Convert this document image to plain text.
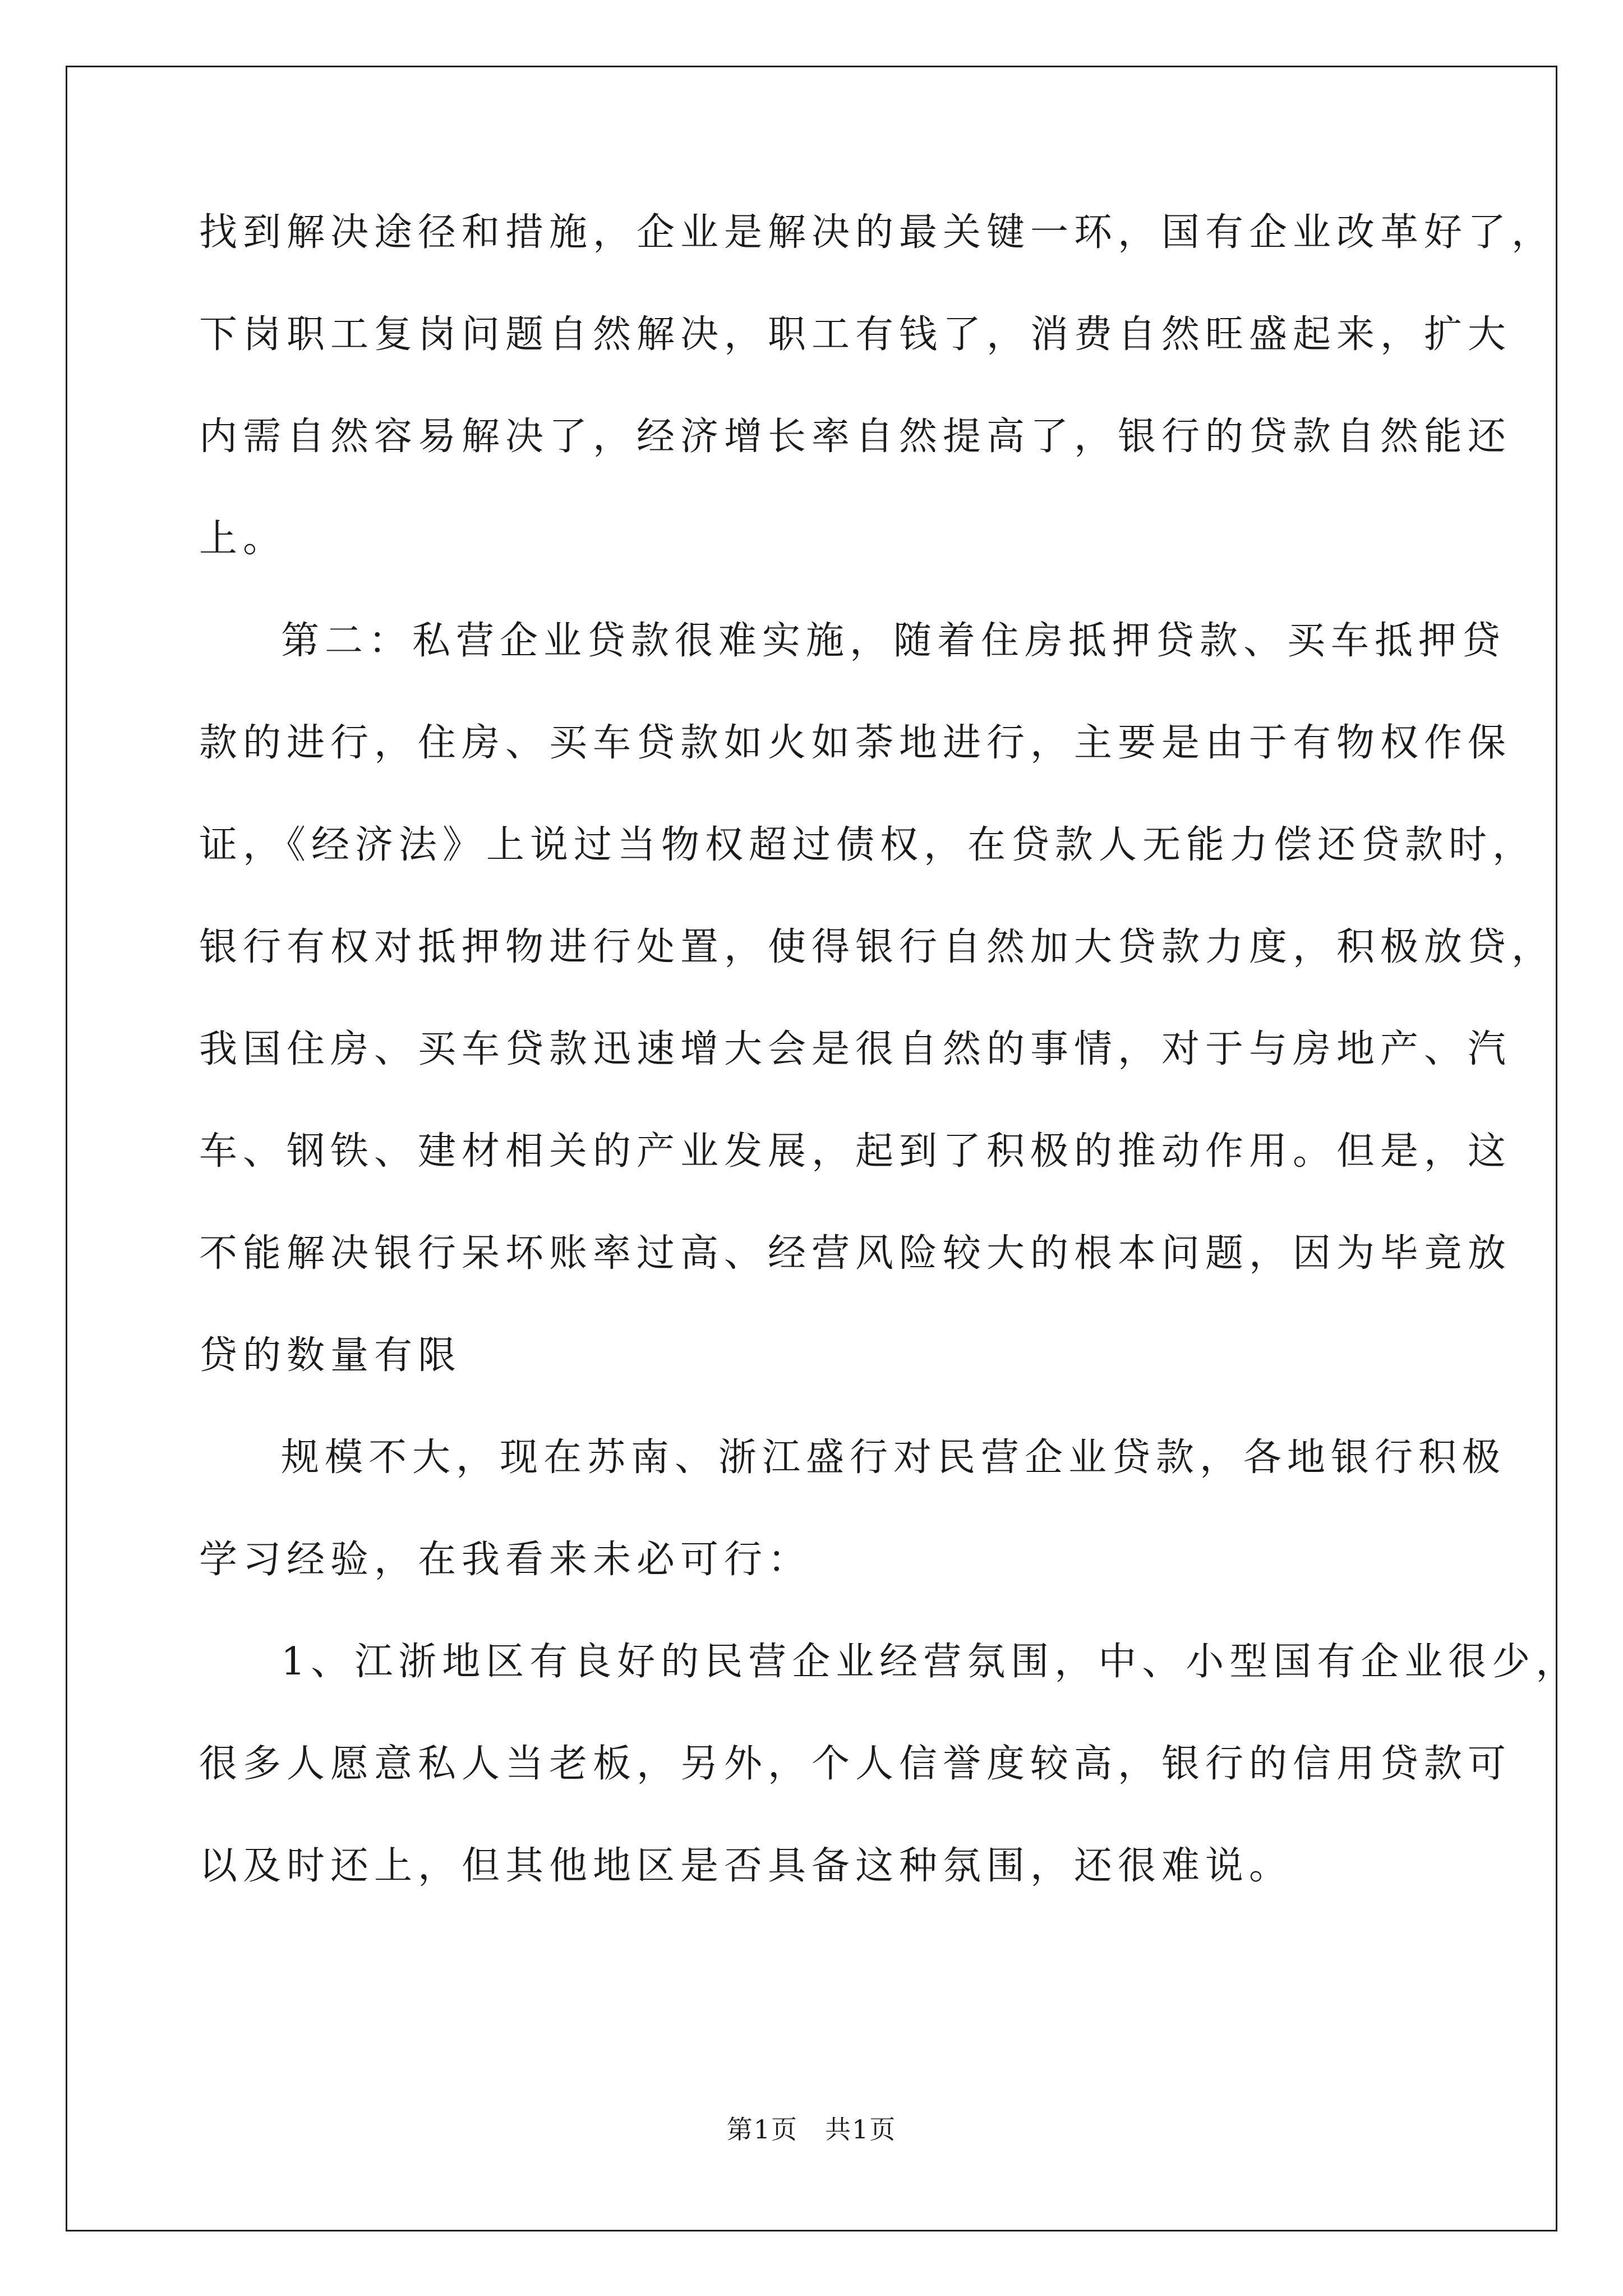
找到解决途径和措施，企业是解决的最关键一环，国有企业改革好了，
下岗职工复岗问题自然解决，职工有钱了，消费自然旺盛起来，扩大
内需自然容易解决了，经济增长率自然提高了，银行的贷款自然能还
上。
第二：私营企业贷款很难实施，随着住房抵押贷款、买车抵押贷
款的进行，住房、买车贷款如火如荼地进行，主要是由于有物权作保
证，《经济法》上说过当物权超过债权，在贷款人无能力偿还贷款时，
银行有权对抵押物进行处置，使得银行自然加大贷款力度，积极放贷，
我国住房、买车贷款迅速增大会是很自然的事情，对于与房地产、汽
车、钢铁、建材相关的产业发展，起到了积极的推动作用。但是，这
不能解决银行呆坏账率过高、经营风险较大的根本问题，因为毕竟放
贷的数量有限
规模不大，现在苏南、浙江盛行对民营企业贷款，各地银行积极
学习经验，在我看来未必可行：
1、江浙地区有良好的民营企业经营氛围，中、小型国有企业很少，
很多人愿意私人当老板，另外，个人信誉度较高，银行的信用贷款可
以及时还上，但其他地区是否具备这种氛围，还很难说。
第1页　共1页
